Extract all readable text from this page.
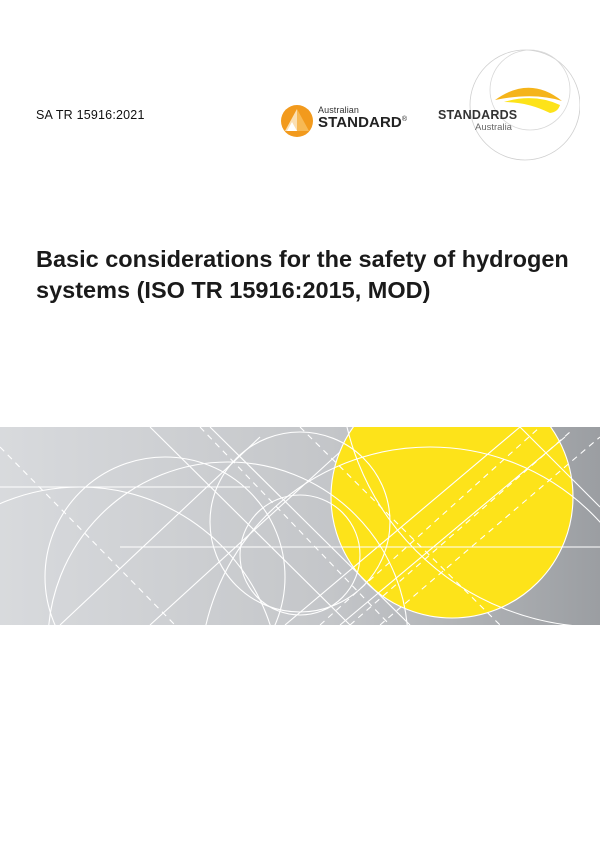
SA TR 15916:2021	Australian
STANDARD® STANDARDS
Australia
Basic considerations for the safety of hydrogen systems (ISO TR 15916:2015, MOD)
